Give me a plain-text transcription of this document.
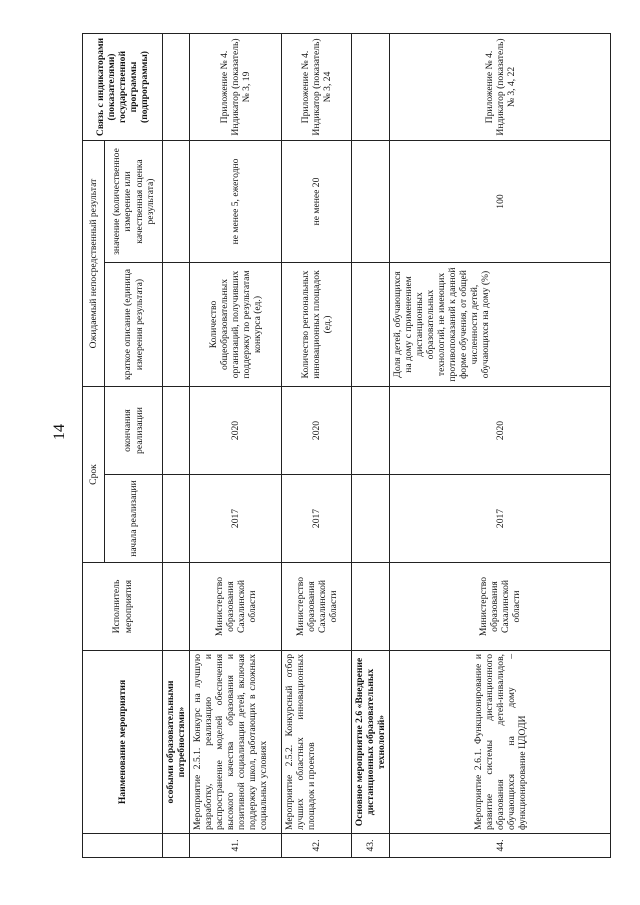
14
	Наименование мероприятия	Исполнитель мероприятия	Срок		Ожидаемый непосредственный результат		Связь с индикаторами (показателями) государственной программы (подпрограммы)
			начала реализации	окончания реализации	краткое описание (единица измерения результата)	значение (количественное измерение или качественная оценка результата)	
	особыми образовательными потребностями»						
41.	Мероприятие 2.5.1. Конкурс на лучшую разработку, реализацию и распространение моделей обеспечения высокого качества образования и позитивной социализации детей, включая поддержку школ, работающих в сложных социальных условиях	Министерство образования Сахалинской области	2017	2020	Количество общеобразовательных организаций, получивших поддержку по результатам конкурса (ед.)	не менее 5, ежегодно	Приложение № 4. Индикатор (показатель) № 3, 19
42.	Мероприятие 2.5.2. Конкурсный отбор лучших областных инновационных площадок и проектов	Министерство образования Сахалинской области	2017	2020	Количество региональных инновационных площадок (ед.)	не менее 20	Приложение № 4. Индикатор (показатель) № 3, 24
43.	Основное мероприятие 2.6 «Внедрение дистанционных образовательных технологий»						
44.	Мероприятие 2.6.1. Функционирование и развитие системы дистанционного образования детей-инвалидов, обучающихся на дому – функционирование ЦДОДИ	Министерство образования Сахалинской области	2017	2020	Доля детей, обучающихся на дому с применением дистанционных образовательных технологий, не имеющих противопоказаний к данной форме обучения, от общей численности детей, обучающихся на дому (%)	100	Приложение № 4. Индикатор (показатель) № 3, 4, 22
